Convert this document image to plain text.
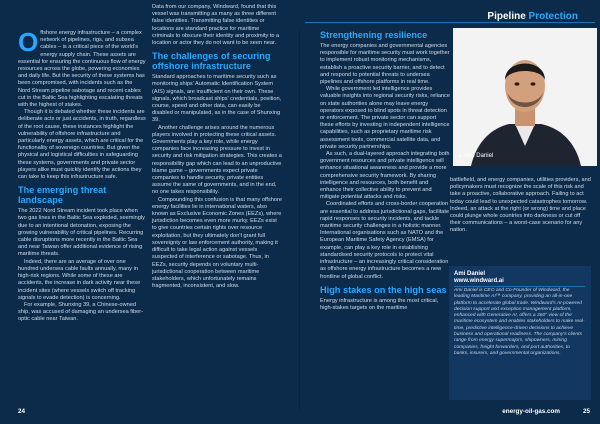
O ffshore energy infrastructure – a complex network of pipelines, rigs, and subsea cables – is a critical piece of the world's energy supply chain. These assets are essential for ensuring the continuous flow of energy resources across the globe, powering economies and daily life. But the security of these systems has been compromised, with incidents such as the Nord Stream pipeline sabotage and recent cables cut in the Baltic Sea highlighting escalating threats with the highest of stakes.

Though it is debated whether these incidents are deliberate acts or just accidents, in truth, regardless of the root cause, these instances highlight the vulnerability of offshore infrastructure and particularly energy assets, which are critical for the functionality of sovereign countries. But given the physical and logistical difficulties in safeguarding these systems, governments and private sector players alike must quickly identify the actions they can take to keep this infrastructure safe.

The emerging threat landscape

The 2022 Nord Stream incident took place when two gas lines in the Baltic Sea exploded, seemingly due to an intentional detonation, exposing the growing vulnerability of critical pipelines. Recurring cable disruptions more recently in the Baltic Sea and near Taiwan offer additional evidence of rising maritime threats.

Indeed, there are an average of over one hundred undersea cable faults annually, many in high-risk regions. While some of these are accidents, the increase in dark activity near these incident sites (where vessels switch off tracking signals to evade detection) is concerning.

For example, Shunxing 39, a Chinese-owned ship, was accused of damaging an undersea fiber-optic cable near Taiwan.

Data from our company, Windward, found that this vessel was transmitting as many as three different false identities. Transmitting false identities or locations are standard practice for maritime criminals to obscure their identity and proximity to a location or actor they do not want to be seen near.

The challenges of securing offshore infrastructure

Standard approaches to maritime security such as monitoring ships' Automatic Identification System (AIS) signals, are insufficient on their own. These signals, which broadcast ships' credentials, position, course, speed and other data, can easily be disabled or manipulated, as in the case of Shunxing 39.

Another challenge arises around the numerous players involved in protecting these critical assets. Governments play a key role, while energy companies face increasing pressure to invest in security and risk mitigation strategies. This creates a responsibility gap which can lead to an unproductive blame game – governments expect private companies to handle security, private entities assume the same of governments, and in the end, no one takes responsibility.

Compounding this confusion is that many offshore energy facilities lie in international waters, also known as Exclusive Economic Zones (EEZs), where jurisdiction becomes even more murky. EEZs exist to give countries certain rights over resource exploitation, but they ultimately don't grant full sovereignty or law enforcement authority, making it difficult to take legal action against vessels suspected of interference or sabotage. Thus, in EEZs, security depends on voluntary multi-jurisdictional cooperation between maritime stakeholders, which unfortunately remains fragmented, inconsistent, and slow.

24
Strengthening resilience

The energy companies and governmental agencies responsible for maritime security must work together to implement robust monitoring mechanisms, establish a proactive security barrier, and to detect and respond to potential threats to undersea pipelines and offshore platforms in real time.

While government led intelligence provides valuable insights into regional security risks, reliance on state authorities alone may leave energy operators exposed to blind spots in threat detection or enforcement. The private sector can support these efforts by investing in independent intelligence capabilities, such as proprietary maritime risk assessment tools, commercial satellite data, and private security partnerships.

As such, a dual-layered approach integrating both government resources and private intelligence will enhance situational awareness and provide a more comprehensive security framework. By sharing intelligence and resources, both benefit and enhance their collective ability to prevent and mitigate potential attacks and risks.

Coordinated efforts and cross-border cooperation are essential to address jurisdictional gaps, facilitate rapid responses to security incidents, and tackle maritime security challenges in a holistic manner. International organisations such as NATO and the European Maritime Safety Agency (EMSA) for example, can play a key role in establishing standardised security protocols to protect vital infrastructure – an increasingly critical consideration as offshore energy infrastructure becomes a new frontline of global conflict.

High stakes on the high seas

Energy infrastructure is among the most critical, high-stakes targets on the maritime

battlefield, and energy companies, utilities providers, and policymakers must recognize the scale of this risk and take a proactive, collaborative approach. Failing to act today could lead to unexpected catastrophes tomorrow. Indeed, an attack at the right (or wrong) time and place could plunge whole countries into darkness or cut off their communications – a worst-case scenario for any nation.

25
Pipeline Protection
▲ Ami Daniel
Ami Daniel
www.windward.ai
Ami Daniel is CEO and Co-Founder of Windward, the leading Maritime AI™ company, providing an all-in-one platform to accelerate global trade. Windward's AI-powered decision support and exception management platform, enhanced with Generative AI, offers a 360° view of the maritime ecosystem and enables stakeholders to make real-time, predictive intelligence-driven decisions to achieve business and operational readiness. The company's clients range from energy supermajors, shipowners, mining companies, freight forwarders, and port authorities, to banks, insurers, and governmental organizations.
energy-oil-gas.com
